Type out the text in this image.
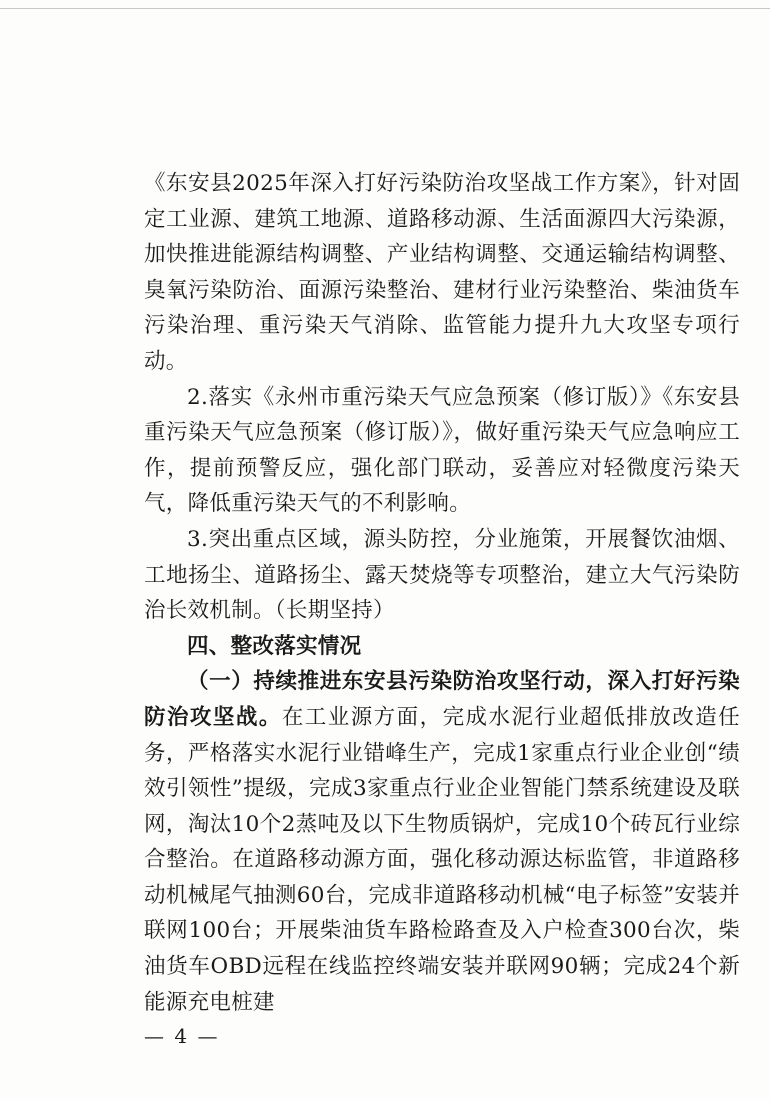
《东安县2025年深入打好污染防治攻坚战工作方案》，针对固定工业源、建筑工地源、道路移动源、生活面源四大污染源，加快推进能源结构调整、产业结构调整、交通运输结构调整、臭氧污染防治、面源污染整治、建材行业污染整治、柴油货车污染治理、重污染天气消除、监管能力提升九大攻坚专项行动。

2.落实《永州市重污染天气应急预案（修订版）》《东安县重污染天气应急预案（修订版）》，做好重污染天气应急响应工作，提前预警反应，强化部门联动，妥善应对轻微度污染天气，降低重污染天气的不利影响。

3.突出重点区域，源头防控，分业施策，开展餐饮油烟、工地扬尘、道路扬尘、露天焚烧等专项整治，建立大气污染防治长效机制。（长期坚持）

四、整改落实情况

（一）持续推进东安县污染防治攻坚行动，深入打好污染防治攻坚战。在工业源方面，完成水泥行业超低排放改造任务，严格落实水泥行业错峰生产，完成1家重点行业企业创“绩效引领性”提级，完成3家重点行业企业智能门禁系统建设及联网，淘汰10个2蒸吨及以下生物质锅炉，完成10个砖瓦行业综合整治。在道路移动源方面，强化移动源达标监管，非道路移动机械尾气抽测60台，完成非道路移动机械“电子标签”安装并联网100台；开展柴油货车路检路查及入户检查300台次，柴油货车OBD远程在线监控终端安装并联网90辆；完成24个新能源充电桩建

— 4 —
